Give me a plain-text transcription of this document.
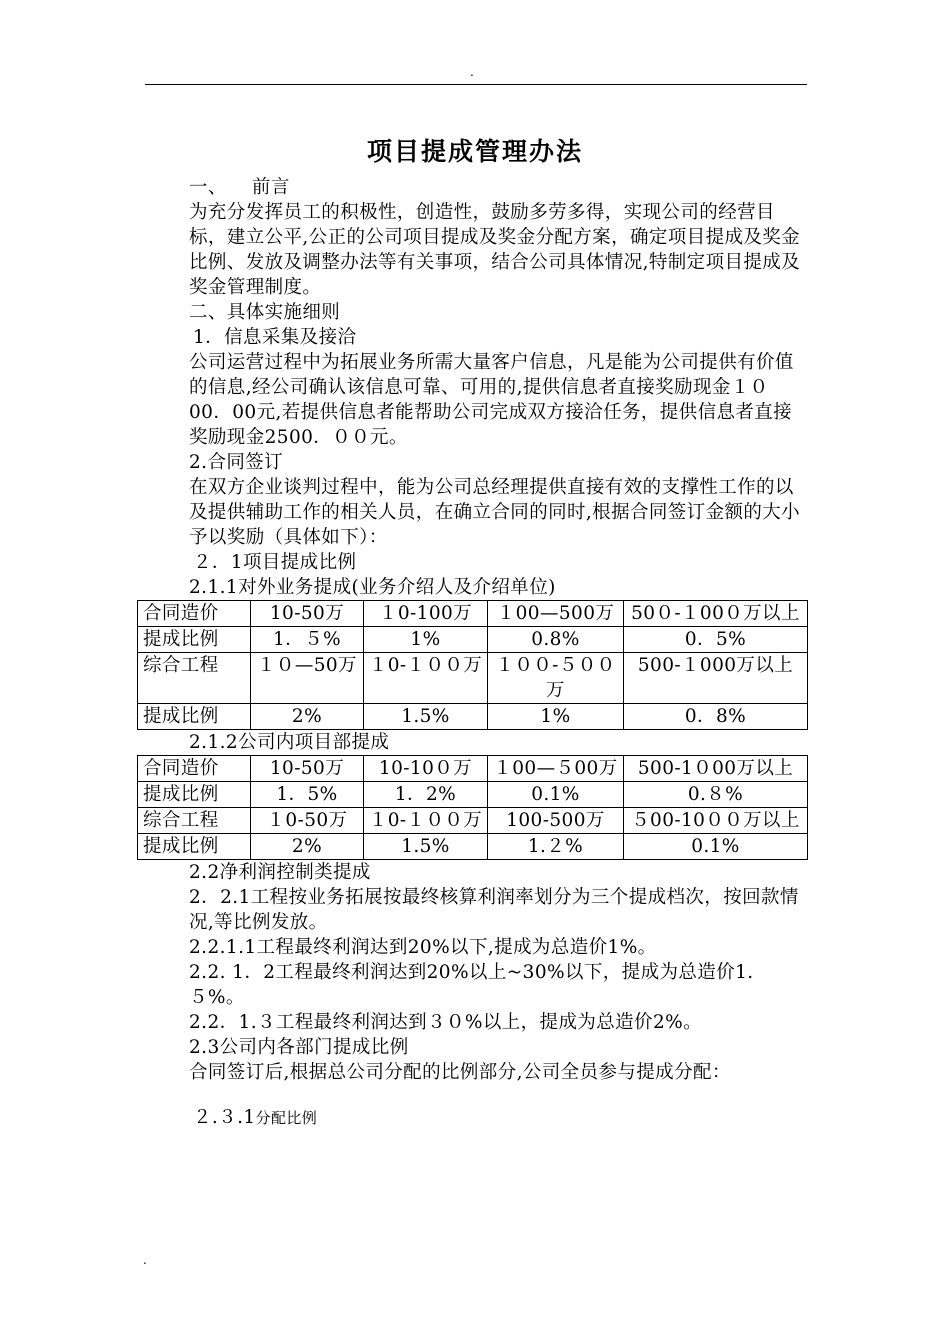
.
项目提成管理办法

一、    前言

为充分发挥员工的积极性，创造性，鼓励多劳多得，实现公司的经营目标，建立公平,公正的公司项目提成及奖金分配方案，确定项目提成及奖金比例、发放及调整办法等有关事项，结合公司具体情况,特制定项目提成及奖金管理制度。

二、具体实施细则

1．信息采集及接洽

公司运营过程中为拓展业务所需大量客户信息，凡是能为公司提供有价值的信息,经公司确认该信息可靠、可用的,提供信息者直接奖励现金１０00．00元,若提供信息者能帮助公司完成双方接洽任务，提供信息者直接奖励现金2500．００元。

2.合同签订

在双方企业谈判过程中，能为公司总经理提供直接有效的支撑性工作的以及提供辅助工作的相关人员，在确立合同的同时,根据合同签订金额的大小予以奖励（具体如下）：

２．1项目提成比例

2.1.1对外业务提成(业务介绍人及介绍单位)

合同造价	10-50万	１0-100万	１00—500万	50０-１00０万以上
提成比例	1．５%	1%	0.8%	0．5%
综合工程	１０—50万	１0-１００万	１００-５００万	500-１000万以上
提成比例	2%	1.5%	1%	0．8%

2.1.2公司内项目部提成

合同造价	10-50万	10-10０万	１00—５00万	500-1０00万以上
提成比例	1．5%	1．2%	0.1%	0.８%
综合工程	１0-50万	１0-１００万	100-500万	５00-10００万以上
提成比例	2%	1.5%	1.２%	0.1%

2.2净利润控制类提成

2．2.1工程按业务拓展按最终核算利润率划分为三个提成档次，按回款情况,等比例发放。

2.2.1.1工程最终利润达到20%以下,提成为总造价1%。

2.2. 1．2工程最终利润达到20%以上~30%以下，提成为总造价1.５%。

2.2．1.３工程最终利润达到３０%以上，提成为总造价2%。

2.3公司内各部门提成比例

合同签订后,根据总公司分配的比例部分,公司全员参与提成分配：

２.３.1分配比例

.
